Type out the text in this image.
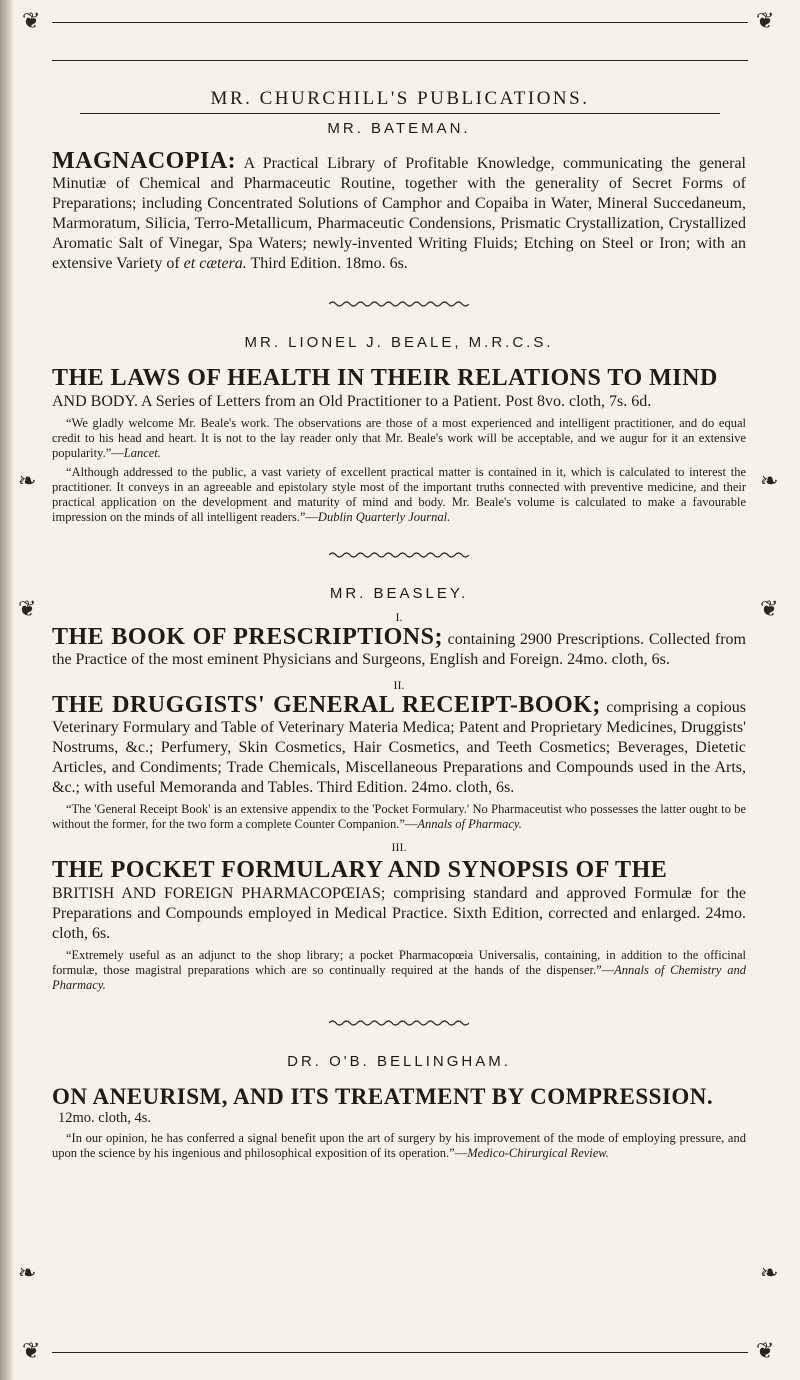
❦	❦
MR. CHURCHILL'S PUBLICATIONS.
❧	❧
❦	❦
❧	❧

MR. BATEMAN.

MAGNACOPIA: A Practical Library of Profitable Knowledge, communicating the general Minutiæ of Chemical and Pharmaceutic Routine, together with the generality of Secret Forms of Preparations; including Concentrated Solutions of Camphor and Copaiba in Water, Mineral Succedaneum, Marmoratum, Silicia, Terro-Metallicum, Pharmaceutic Condensions, Prismatic Crystallization, Crystallized Aromatic Salt of Vinegar, Spa Waters; newly-invented Writing Fluids; Etching on Steel or Iron; with an extensive Variety of et cætera. Third Edition. 18mo. 6s.

MR. LIONEL J. BEALE, M.R.C.S.

THE LAWS OF HEALTH IN THEIR RELATIONS TO MIND

AND BODY. A Series of Letters from an Old Practitioner to a Patient. Post 8vo. cloth, 7s. 6d.

“We gladly welcome Mr. Beale's work. The observations are those of a most experienced and intelligent practitioner, and do equal credit to his head and heart. It is not to the lay reader only that Mr. Beale's work will be acceptable, and we augur for it an extensive popularity.”—Lancet.

“Although addressed to the public, a vast variety of excellent practical matter is contained in it, which is calculated to interest the practitioner. It conveys in an agreeable and epistolary style most of the important truths connected with preventive medicine, and their practical application on the development and maturity of mind and body. Mr. Beale's volume is calculated to make a favourable impression on the minds of all intelligent readers.”—Dublin Quarterly Journal.

MR. BEASLEY.

I.

THE BOOK OF PRESCRIPTIONS; containing 2900 Prescriptions. Collected from the Practice of the most eminent Physicians and Surgeons, English and Foreign. 24mo. cloth, 6s.

II.

THE DRUGGISTS' GENERAL RECEIPT-BOOK; comprising a copious Veterinary Formulary and Table of Veterinary Materia Medica; Patent and Proprietary Medicines, Druggists' Nostrums, &c.; Perfumery, Skin Cosmetics, Hair Cosmetics, and Teeth Cosmetics; Beverages, Dietetic Articles, and Condiments; Trade Chemicals, Miscellaneous Preparations and Compounds used in the Arts, &c.; with useful Memoranda and Tables. Third Edition. 24mo. cloth, 6s.

“The 'General Receipt Book' is an extensive appendix to the 'Pocket Formulary.' No Pharmaceutist who possesses the latter ought to be without the former, for the two form a complete Counter Companion.”—Annals of Pharmacy.

III.

THE POCKET FORMULARY AND SYNOPSIS OF THE

BRITISH AND FOREIGN PHARMACOPŒIAS; comprising standard and approved Formulæ for the Preparations and Compounds employed in Medical Practice. Sixth Edition, corrected and enlarged. 24mo. cloth, 6s.

“Extremely useful as an adjunct to the shop library; a pocket Pharmacopœia Universalis, containing, in addition to the officinal formulæ, those magistral preparations which are so continually required at the hands of the dispenser.”—Annals of Chemistry and Pharmacy.

DR. O'B. BELLINGHAM.

ON ANEURISM, AND ITS TREATMENT BY COMPRESSION.

12mo. cloth, 4s.

“In our opinion, he has conferred a signal benefit upon the art of surgery by his improvement of the mode of employing pressure, and upon the science by his ingenious and philosophical exposition of its operation.”—Medico-Chirurgical Review.

❦	❦
